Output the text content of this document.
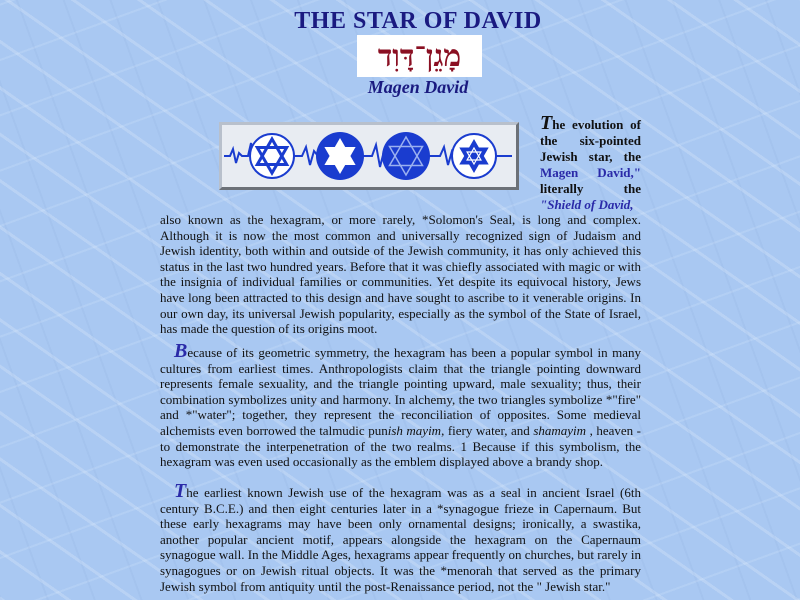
THE STAR OF DAVID
מָגֵן־דָּוִד
Magen David
The evolution of the six-pointed Jewish star, the Magen David," literally the "Shield of David,

also known as the hexagram, or more rarely, *Solomon's Seal, is long and complex. Although it is now the most common and universally recognized sign of Judaism and Jewish identity, both within and outside of the Jewish community, it has only achieved this status in the last two hundred years. Before that it was chiefly associated with magic or with the insignia of individual families or communities. Yet despite its equivocal history, Jews have long been attracted to this design and have sought to ascribe to it venerable origins. In our own day, its universal Jewish popularity, especially as the symbol of the State of Israel, has made the question of its origins moot.

Because of its geometric symmetry, the hexagram has been a popular symbol in many cultures from earliest times. Anthropologists claim that the triangle pointing downward represents female sexuality, and the triangle pointing upward, male sexuality; thus, their combination symbolizes unity and harmony. In alchemy, the two triangles symbolize *"fire" and *"water"; together, they represent the reconciliation of opposites. Some medieval alchemists even borrowed the talmudic punish mayim, fiery water, and shamayim , heaven - to demonstrate the interpenetration of the two realms. 1 Because if this symbolism, the hexagram was even used occasionally as the emblem displayed above a brandy shop.

The earliest known Jewish use of the hexagram was as a seal in ancient Israel (6th century B.C.E.) and then eight centuries later in a *synagogue frieze in Capernaum. But these early hexagrams may have been only ornamental designs; ironically, a swastika, another popular ancient motif, appears alongside the hexagram on the Capernaum synagogue wall. In the Middle Ages, hexagrams appear frequently on churches, but rarely in synagogues or on Jewish ritual objects. It was the *menorah that served as the primary Jewish symbol from antiquity until the post-Renaissance period, not the " Jewish star."
